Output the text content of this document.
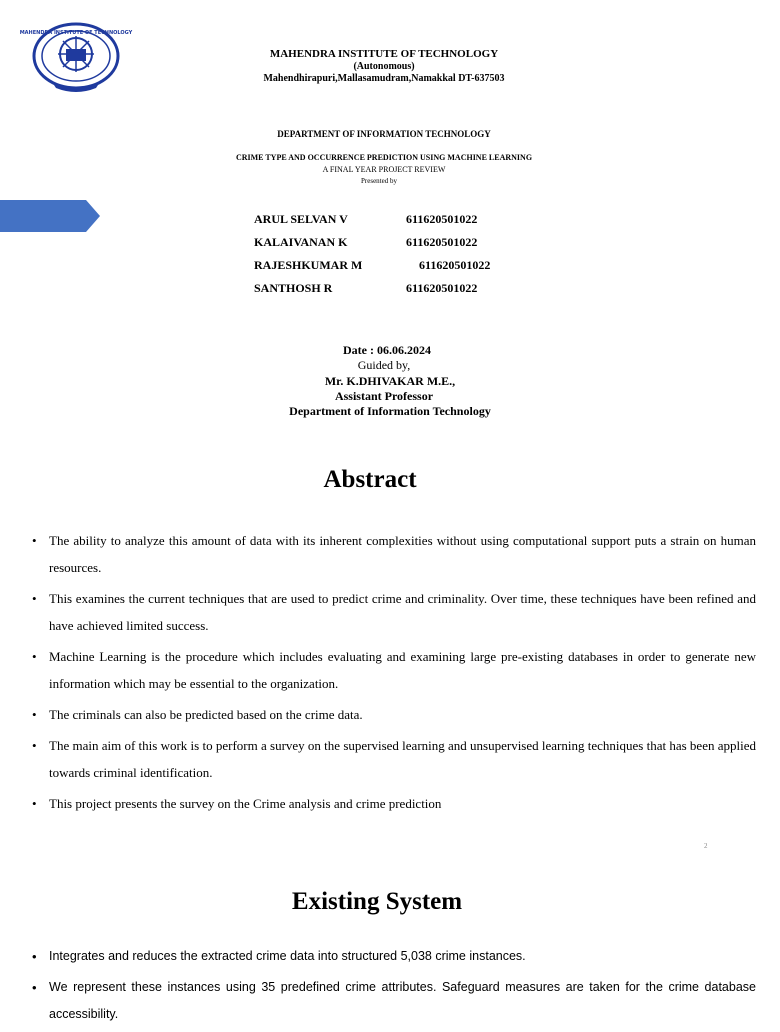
MAHENDRA INSTITUTE OF TECHNOLOGY
MAHENDRA INSTITUTE OF TECHNOLOGY
(Autonomous)
Mahendhirapuri,Mallasamudram,Namakkal DT-637503
DEPARTMENT OF INFORMATION TECHNOLOGY
CRIME TYPE AND OCCURRENCE PREDICTION USING MACHINE LEARNING
A FINAL YEAR PROJECT REVIEW
Presented by
ARUL SELVAN V	611620501022
KALAIVANAN K	611620501022
RAJESHKUMAR M	611620501022
SANTHOSH R	611620501022
Date : 06.06.2024
Guided by,
Mr. K.DHIVAKAR M.E.,
Assistant Professor
Department of Information Technology
Abstract
• The ability to analyze this amount of data with its inherent complexities without using computational support puts a strain on human resources.
• This examines the current techniques that are used to predict crime and criminality. Over time, these techniques have been refined and have achieved limited success.
• Machine Learning is the procedure which includes evaluating and examining large pre-existing databases in order to generate new information which may be essential to the organization.
• The criminals can also be predicted based on the crime data.
• The main aim of this work is to perform a survey on the supervised learning and unsupervised learning techniques that has been applied towards criminal identification.
• This project presents the survey on the Crime analysis and crime prediction
2
Existing System
• Integrates and reduces the extracted crime data into structured 5,038 crime instances.
• We represent these instances using 35 predefined crime attributes. Safeguard measures are taken for the crime database accessibility.
